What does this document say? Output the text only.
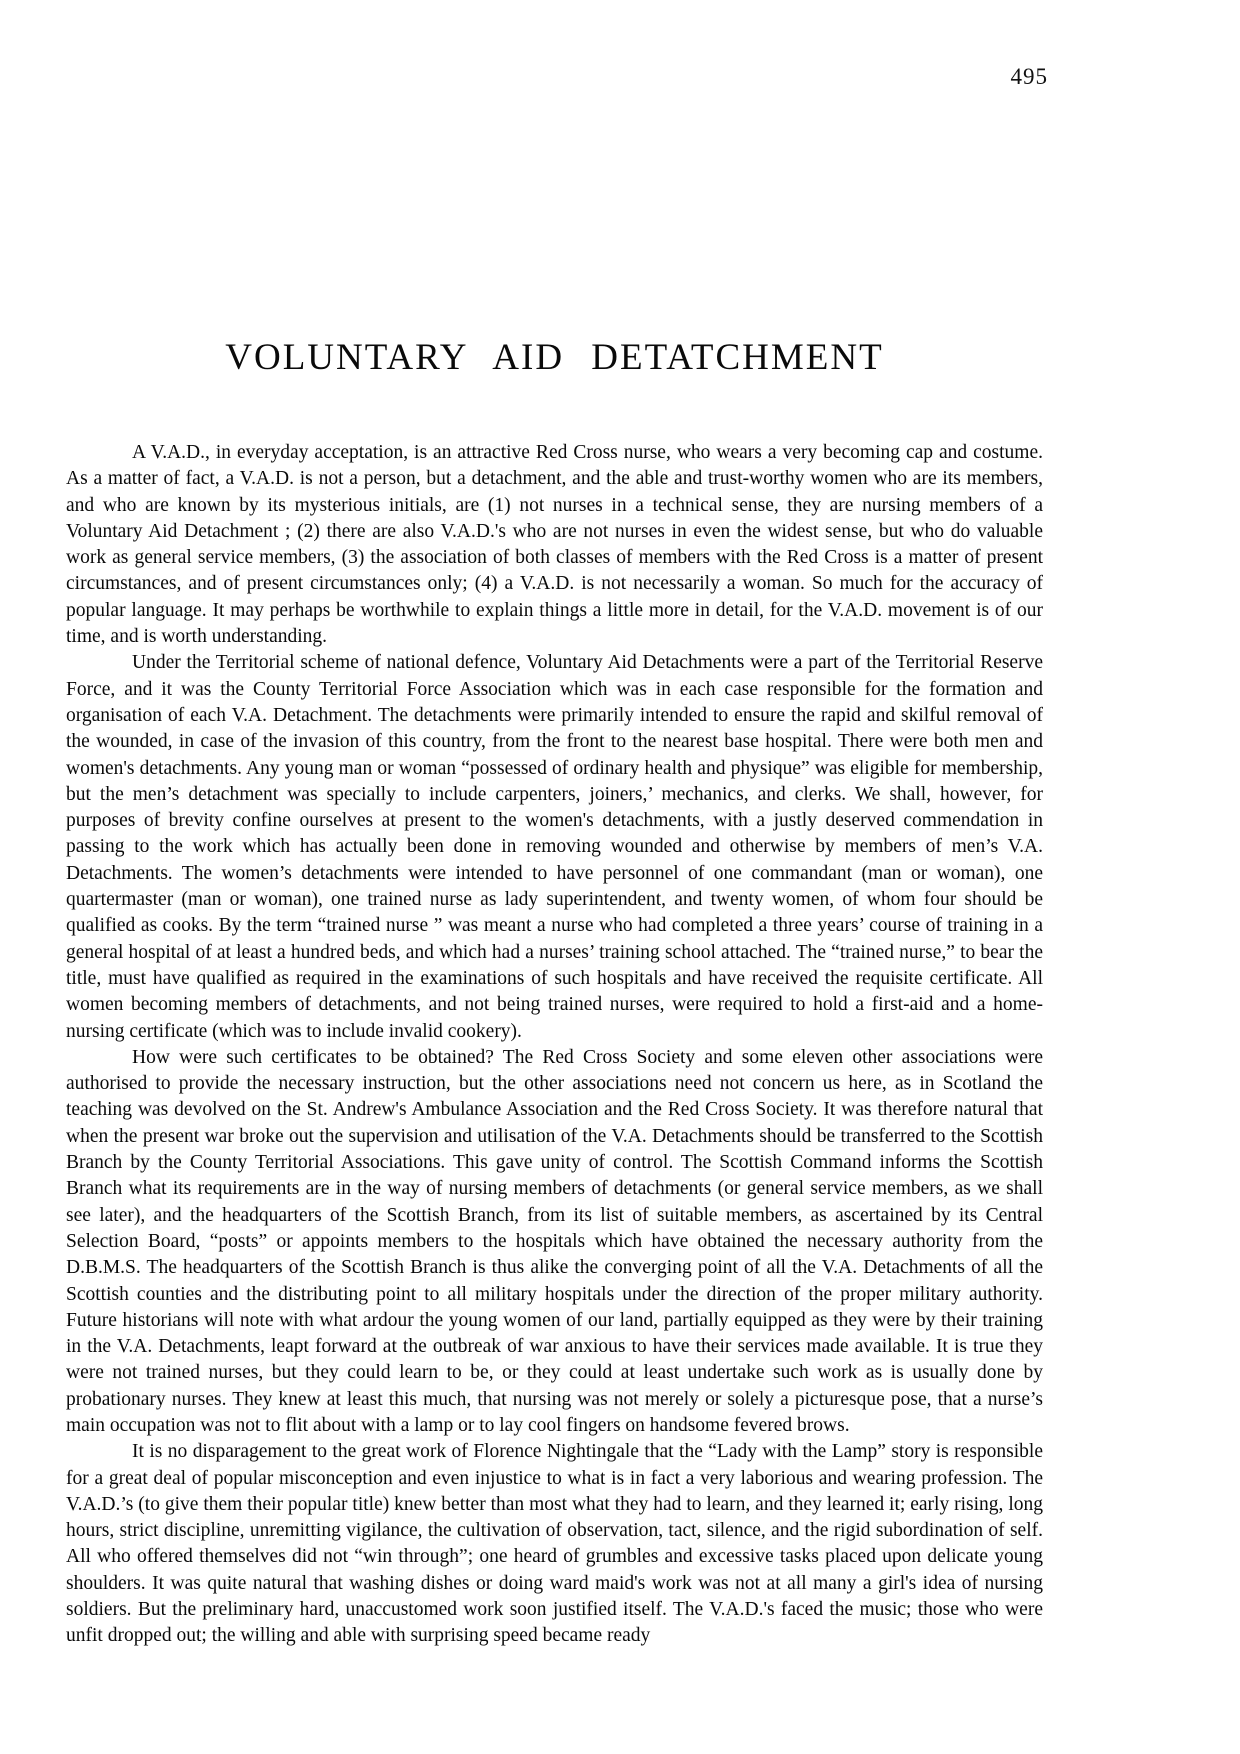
495
VOLUNTARY AID DETATCHMENT

A V.A.D., in everyday acceptation, is an attractive Red Cross nurse, who wears a very becoming cap and costume. As a matter of fact, a V.A.D. is not a person, but a detachment, and the able and trust-worthy women who are its members, and who are known by its mysterious initials, are (1) not nurses in a technical sense, they are nursing members of a Voluntary Aid Detachment ; (2) there are also V.A.D.'s who are not nurses in even the widest sense, but who do valuable work as general service members, (3) the association of both classes of members with the Red Cross is a matter of present circumstances, and of present circumstances only; (4) a V.A.D. is not necessarily a woman. So much for the accuracy of popular language. It may perhaps be worthwhile to explain things a little more in detail, for the V.A.D. movement is of our time, and is worth understanding.

Under the Territorial scheme of national defence, Voluntary Aid Detachments were a part of the Territorial Reserve Force, and it was the County Territorial Force Association which was in each case responsible for the formation and organisation of each V.A. Detachment. The detachments were primarily intended to ensure the rapid and skilful removal of the wounded, in case of the invasion of this country, from the front to the nearest base hospital. There were both men and women's detachments. Any young man or woman “possessed of ordinary health and physique” was eligible for membership, but the men’s detachment was specially to include carpenters, joiners,’ mechanics, and clerks. We shall, however, for purposes of brevity confine ourselves at present to the women's detachments, with a justly deserved commendation in passing to the work which has actually been done in removing wounded and otherwise by members of men’s V.A. Detachments. The women’s detachments were intended to have personnel of one commandant (man or woman), one quartermaster (man or woman), one trained nurse as lady superintendent, and twenty women, of whom four should be qualified as cooks. By the term “trained nurse ” was meant a nurse who had completed a three years’ course of training in a general hospital of at least a hundred beds, and which had a nurses’ training school attached. The “trained nurse,” to bear the title, must have qualified as required in the examinations of such hospitals and have received the requisite certificate. All women becoming members of detachments, and not being trained nurses, were required to hold a first-aid and a home-nursing certificate (which was to include invalid cookery).

How were such certificates to be obtained? The Red Cross Society and some eleven other associations were authorised to provide the necessary instruction, but the other associations need not concern us here, as in Scotland the teaching was devolved on the St. Andrew's Ambulance Association and the Red Cross Society. It was therefore natural that when the present war broke out the supervision and utilisation of the V.A. Detachments should be transferred to the Scottish Branch by the County Territorial Associations. This gave unity of control. The Scottish Command informs the Scottish Branch what its requirements are in the way of nursing members of detachments (or general service members, as we shall see later), and the headquarters of the Scottish Branch, from its list of suitable members, as ascertained by its Central Selection Board, “posts” or appoints members to the hospitals which have obtained the necessary authority from the D.B.M.S. The headquarters of the Scottish Branch is thus alike the converging point of all the V.A. Detachments of all the Scottish counties and the distributing point to all military hospitals under the direction of the proper military authority. Future historians will note with what ardour the young women of our land, partially equipped as they were by their training in the V.A. Detachments, leapt forward at the outbreak of war anxious to have their services made available. It is true they were not trained nurses, but they could learn to be, or they could at least undertake such work as is usually done by probationary nurses. They knew at least this much, that nursing was not merely or solely a picturesque pose, that a nurse’s main occupation was not to flit about with a lamp or to lay cool fingers on handsome fevered brows.

It is no disparagement to the great work of Florence Nightingale that the “Lady with the Lamp” story is responsible for a great deal of popular misconception and even injustice to what is in fact a very laborious and wearing profession. The V.A.D.’s (to give them their popular title) knew better than most what they had to learn, and they learned it; early rising, long hours, strict discipline, unremitting vigilance, the cultivation of observation, tact, silence, and the rigid subordination of self. All who offered themselves did not “win through”; one heard of grumbles and excessive tasks placed upon delicate young shoulders. It was quite natural that washing dishes or doing ward maid's work was not at all many a girl's idea of nursing soldiers. But the preliminary hard, unaccustomed work soon justified itself. The V.A.D.'s faced the music; those who were unfit dropped out; the willing and able with surprising speed became ready
